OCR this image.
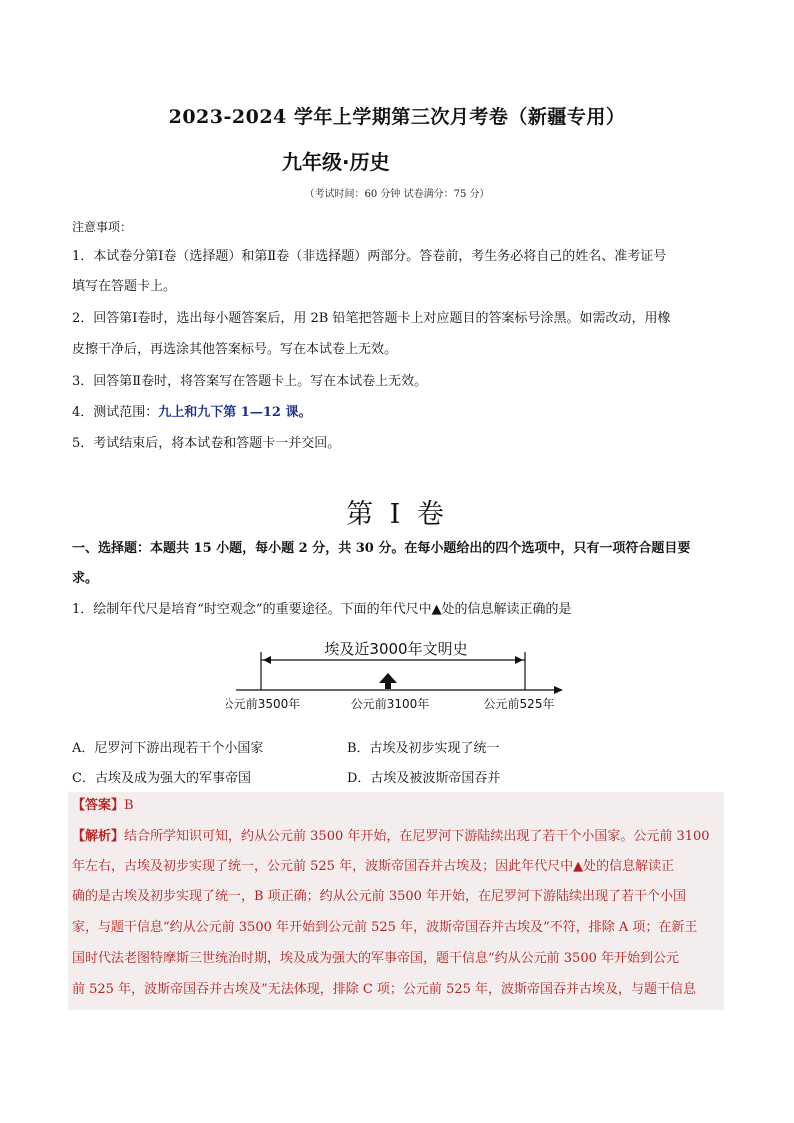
2023-2024 学年上学期第三次月考卷（新疆专用）
九年级·历史
（考试时间：60 分钟 试卷满分：75 分）
注意事项：
1．本试卷分第Ⅰ卷（选择题）和第Ⅱ卷（非选择题）两部分。答卷前，考生务必将自己的姓名、准考证号
填写在答题卡上。
2．回答第Ⅰ卷时，选出每小题答案后，用 2B 铅笔把答题卡上对应题目的答案标号涂黑。如需改动，用橡
皮擦干净后，再选涂其他答案标号。写在本试卷上无效。
3．回答第Ⅱ卷时，将答案写在答题卡上。写在本试卷上无效。
4．测试范围：九上和九下第 1—12 课。
5．考试结束后，将本试卷和答题卡一并交回。
第 I 卷
一、选择题：本题共 15 小题，每小题 2 分，共 30 分。在每小题给出的四个选项中，只有一项符合题目要
求。
1．绘制年代尺是培育“时空观念”的重要途径。下面的年代尺中▲处的信息解读正确的是
埃及近3000年文明史
公元前3500年	公元前3100年	公元前525年
A．尼罗河下游出现若干个小国家	B．古埃及初步实现了统一
C．古埃及成为强大的军事帝国	D．古埃及被波斯帝国吞并
【答案】B
【解析】结合所学知识可知，约从公元前 3500 年开始，在尼罗河下游陆续出现了若干个小国家。公元前 3100
年左右，古埃及初步实现了统一，公元前 525 年，波斯帝国吞并古埃及；因此年代尺中▲处的信息解读正
确的是古埃及初步实现了统一，B 项正确；约从公元前 3500 年开始，在尼罗河下游陆续出现了若干个小国
家，与题干信息“约从公元前 3500 年开始到公元前 525 年，波斯帝国吞并古埃及”不符，排除 A 项；在新王
国时代法老图特摩斯三世统治时期，埃及成为强大的军事帝国，题干信息“约从公元前 3500 年开始到公元
前 525 年，波斯帝国吞并古埃及”无法体现，排除 C 项；公元前 525 年，波斯帝国吞并古埃及，与题干信息
